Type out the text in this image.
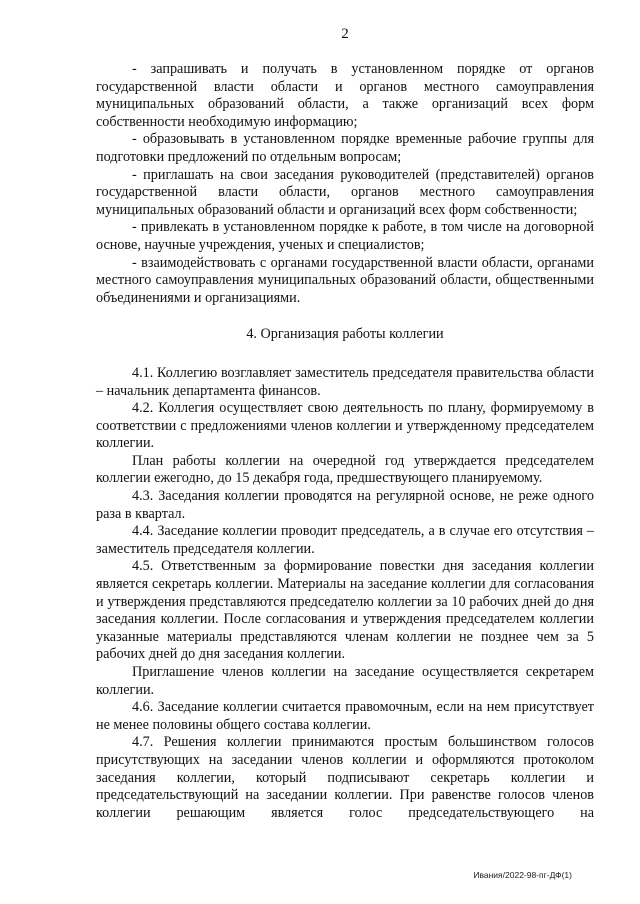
2

- запрашивать и получать в установленном порядке от органов государственной власти области и органов местного самоуправления муниципальных образований области, а также организаций всех форм собственности необходимую информацию;

- образовывать в установленном порядке временные рабочие группы для подготовки предложений по отдельным вопросам;

- приглашать на свои заседания руководителей (представителей) органов государственной власти области, органов местного самоуправления муниципальных образований области и организаций всех форм собственности;

- привлекать в установленном порядке к работе, в том числе на договорной основе, научные учреждения, ученых и специалистов;

- взаимодействовать с органами государственной власти области, органами местного самоуправления муниципальных образований области, общественными объединениями и организациями.

4. Организация работы коллегии

4.1. Коллегию возглавляет заместитель председателя правительства области – начальник департамента финансов.

4.2. Коллегия осуществляет свою деятельность по плану, формируемому в соответствии с предложениями членов коллегии и утвержденному председателем коллегии.

План работы коллегии на очередной год утверждается председателем коллегии ежегодно, до 15 декабря года, предшествующего планируемому.

4.3. Заседания коллегии проводятся на регулярной основе, не реже одного раза в квартал.

4.4. Заседание коллегии проводит председатель, а в случае его отсутствия – заместитель председателя коллегии.

4.5. Ответственным за формирование повестки дня заседания коллегии является секретарь коллегии. Материалы на заседание коллегии для согласования и утверждения представляются председателю коллегии за 10 рабочих дней до дня заседания коллегии. После согласования и утверждения председателем коллегии указанные материалы представляются членам коллегии не позднее чем за 5 рабочих дней до дня заседания коллегии.

Приглашение членов коллегии на заседание осуществляется секретарем коллегии.

4.6. Заседание коллегии считается правомочным, если на нем присутствует не менее половины общего состава коллегии.

4.7. Решения коллегии принимаются простым большинством голосов присутствующих на заседании членов коллегии и оформляются протоколом заседания коллегии, который подписывают секретарь коллегии и председательствующий на заседании коллегии. При равенстве голосов членов коллегии решающим является голос председательствующего на

Ивания/2022-98-пг-ДФ(1)
